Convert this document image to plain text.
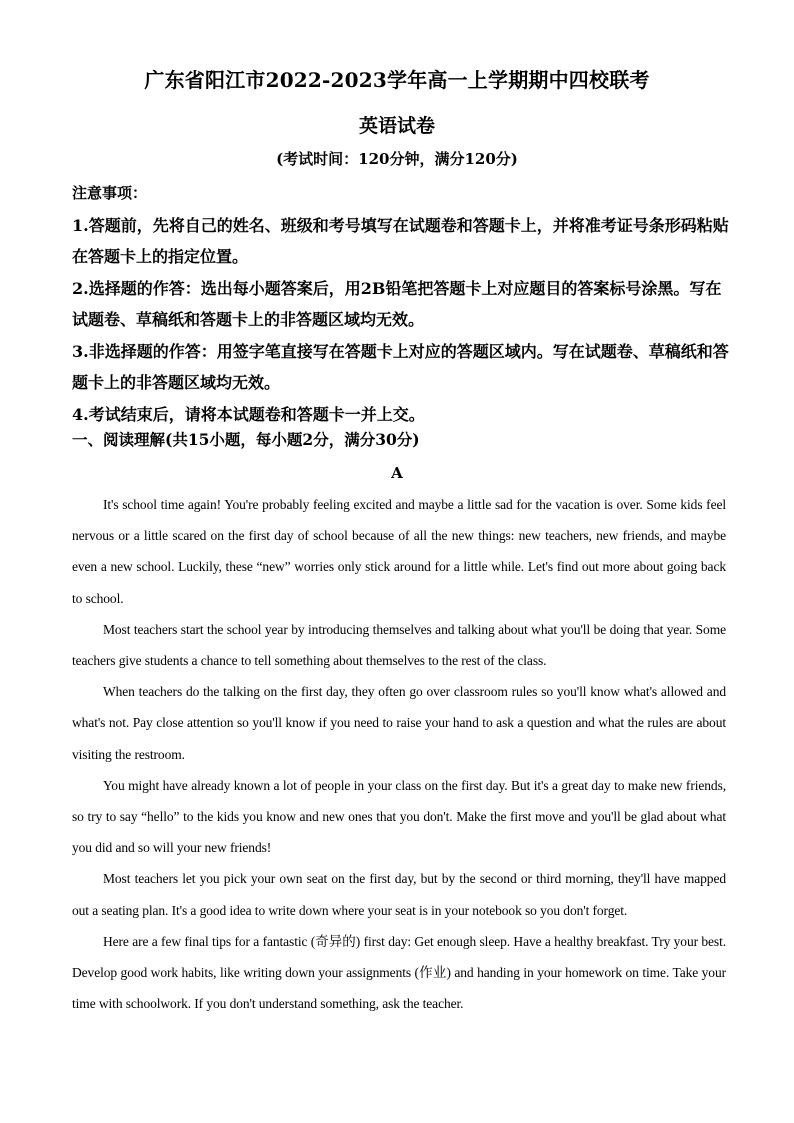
广东省阳江市2022-2023学年高一上学期期中四校联考
英语试卷
(考试时间：120分钟，满分120分)

注意事项：

1.答题前，先将自己的姓名、班级和考号填写在试题卷和答题卡上，并将准考证号条形码粘贴在答题卡上的指定位置。

2.选择题的作答：选出每小题答案后，用2B铅笔把答题卡上对应题目的答案标号涂黑。写在试题卷、草稿纸和答题卡上的非答题区域均无效。

3.非选择题的作答：用签字笔直接写在答题卡上对应的答题区域内。写在试题卷、草稿纸和答题卡上的非答题区域均无效。

4.考试结束后，请将本试题卷和答题卡一并上交。

一、阅读理解(共15小题，每小题2分，满分30分)
A

It's school time again! You're probably feeling excited and maybe a little sad for the vacation is over. Some kids feel nervous or a little scared on the first day of school because of all the new things: new teachers, new friends, and maybe even a new school. Luckily, these “new” worries only stick around for a little while. Let's find out more about going back to school.

Most teachers start the school year by introducing themselves and talking about what you'll be doing that year. Some teachers give students a chance to tell something about themselves to the rest of the class.

When teachers do the talking on the first day, they often go over classroom rules so you'll know what's allowed and what's not. Pay close attention so you'll know if you need to raise your hand to ask a question and what the rules are about visiting the restroom.

You might have already known a lot of people in your class on the first day. But it's a great day to make new friends, so try to say “hello” to the kids you know and new ones that you don't. Make the first move and you'll be glad about what you did and so will your new friends!

Most teachers let you pick your own seat on the first day, but by the second or third morning, they'll have mapped out a seating plan. It's a good idea to write down where your seat is in your notebook so you don't forget.

Here are a few final tips for a fantastic (奇异的) first day: Get enough sleep. Have a healthy breakfast. Try your best. Develop good work habits, like writing down your assignments (作业) and handing in your homework on time. Take your time with schoolwork. If you don't understand something, ask the teacher.
